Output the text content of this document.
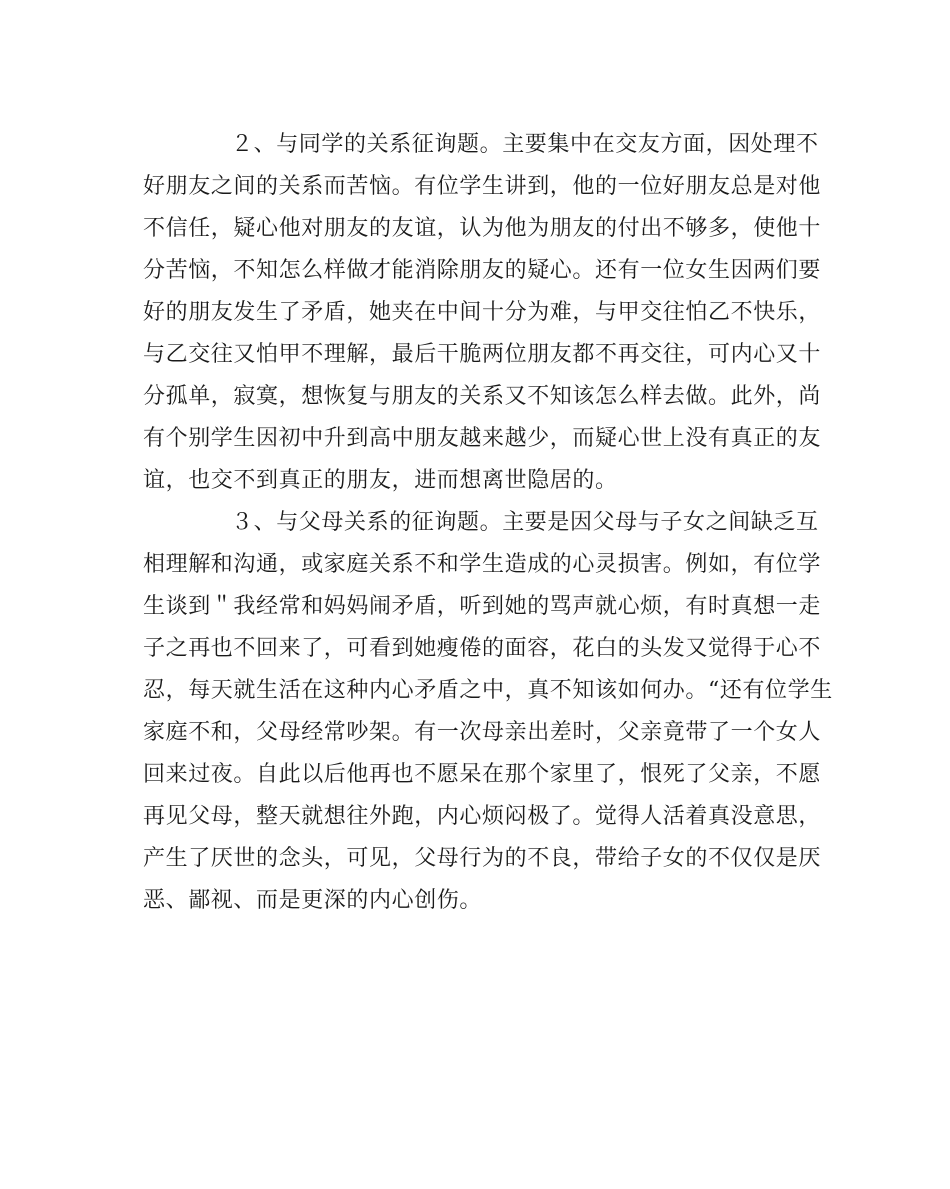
２、与同学的关系征询题。主要集中在交友方面，因处理不
好朋友之间的关系而苦恼。有位学生讲到，他的一位好朋友总是对他
不信任，疑心他对朋友的友谊，认为他为朋友的付出不够多，使他十
分苦恼，不知怎么样做才能消除朋友的疑心。还有一位女生因两们要
好的朋友发生了矛盾，她夹在中间十分为难，与甲交往怕乙不快乐，
与乙交往又怕甲不理解，最后干脆两位朋友都不再交往，可内心又十
分孤单，寂寞，想恢复与朋友的关系又不知该怎么样去做。此外，尚
有个别学生因初中升到高中朋友越来越少，而疑心世上没有真正的友
谊，也交不到真正的朋友，进而想离世隐居的。
３、与父母关系的征询题。主要是因父母与子女之间缺乏互
相理解和沟通，或家庭关系不和学生造成的心灵损害。例如，有位学
生谈到＂我经常和妈妈闹矛盾，听到她的骂声就心烦，有时真想一走
子之再也不回来了，可看到她瘦倦的面容，花白的头发又觉得于心不
忍，每天就生活在这种内心矛盾之中，真不知该如何办。“还有位学生
家庭不和，父母经常吵架。有一次母亲出差时，父亲竟带了一个女人
回来过夜。自此以后他再也不愿呆在那个家里了，恨死了父亲，不愿
再见父母，整天就想往外跑，内心烦闷极了。觉得人活着真没意思，
产生了厌世的念头，可见，父母行为的不良，带给子女的不仅仅是厌
恶、鄙视、而是更深的内心创伤。
